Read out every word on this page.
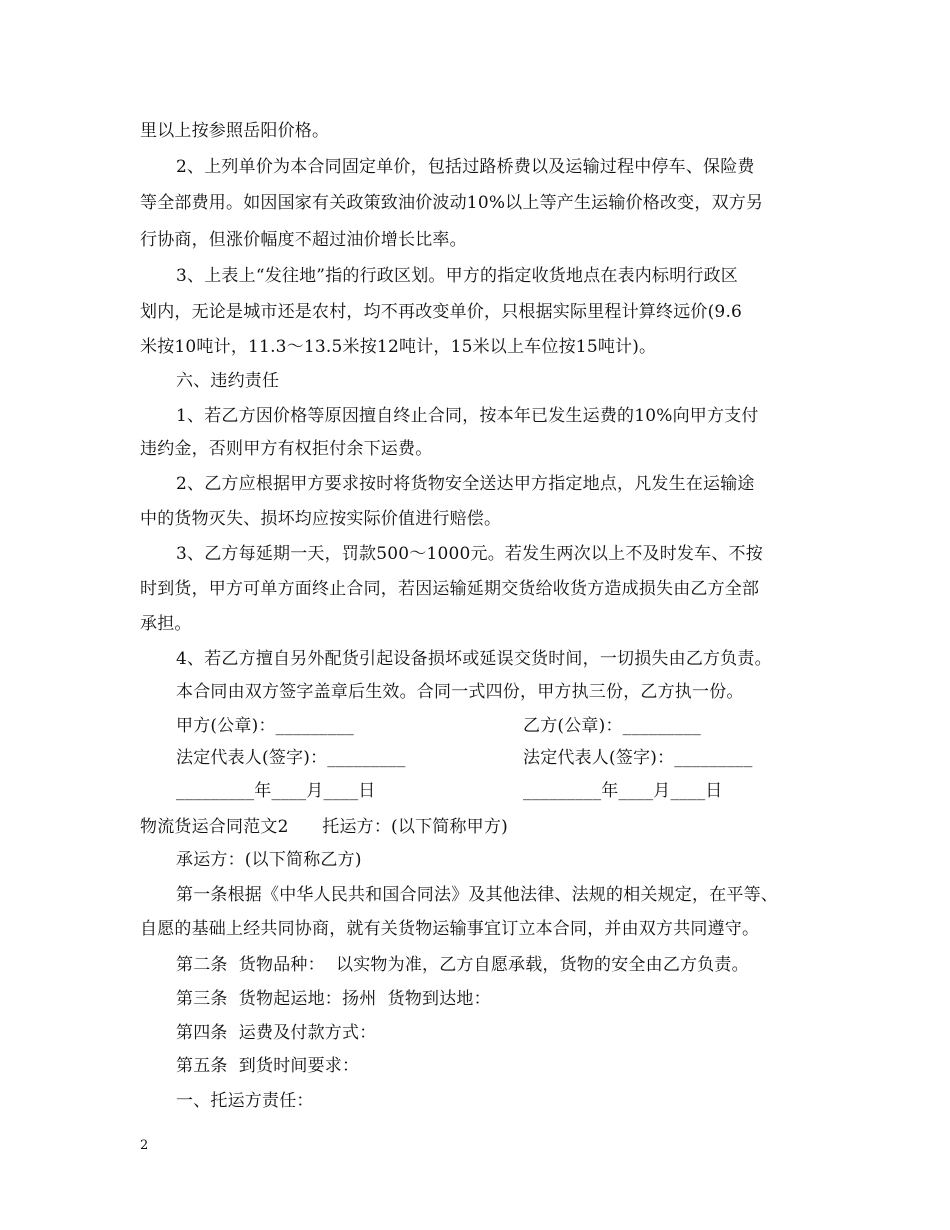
里以上按参照岳阳价格。
2、上列单价为本合同固定单价，包括过路桥费以及运输过程中停车、保险费
等全部费用。如因国家有关政策致油价波动10%以上等产生运输价格改变，双方另
行协商，但涨价幅度不超过油价增长比率。
3、上表上“发往地”指的行政区划。甲方的指定收货地点在表内标明行政区
划内，无论是城市还是农村，均不再改变单价，只根据实际里程计算终远价(9.6
米按10吨计，11.3～13.5米按12吨计，15米以上车位按15吨计)。
六、违约责任
1、若乙方因价格等原因擅自终止合同，按本年已发生运费的10%向甲方支付
违约金，否则甲方有权拒付余下运费。
2、乙方应根据甲方要求按时将货物安全送达甲方指定地点，凡发生在运输途
中的货物灭失、损坏均应按实际价值进行赔偿。
3、乙方每延期一天，罚款500～1000元。若发生两次以上不及时发车、不按
时到货，甲方可单方面终止合同，若因运输延期交货给收货方造成损失由乙方全部
承担。
4、若乙方擅自另外配货引起设备损坏或延误交货时间，一切损失由乙方负责。
本合同由双方签字盖章后生效。合同一式四份，甲方执三份，乙方执一份。
甲方(公章)：_________	乙方(公章)：_________
法定代表人(签字)：_________	法定代表人(签字)：_________
_________年____月____日	_________年____月____日
物流货运合同范文2      托运方：(以下简称甲方)
承运方：(以下简称乙方)
第一条根据《中华人民共和国合同法》及其他法律、法规的相关规定，在平等、
自愿的基础上经共同协商，就有关货物运输事宜订立本合同，并由双方共同遵守。
第二条  货物品种：  以实物为准，乙方自愿承载，货物的安全由乙方负责。
第三条  货物起运地：扬州  货物到达地：
第四条  运费及付款方式：
第五条  到货时间要求：
一、托运方责任：
2
